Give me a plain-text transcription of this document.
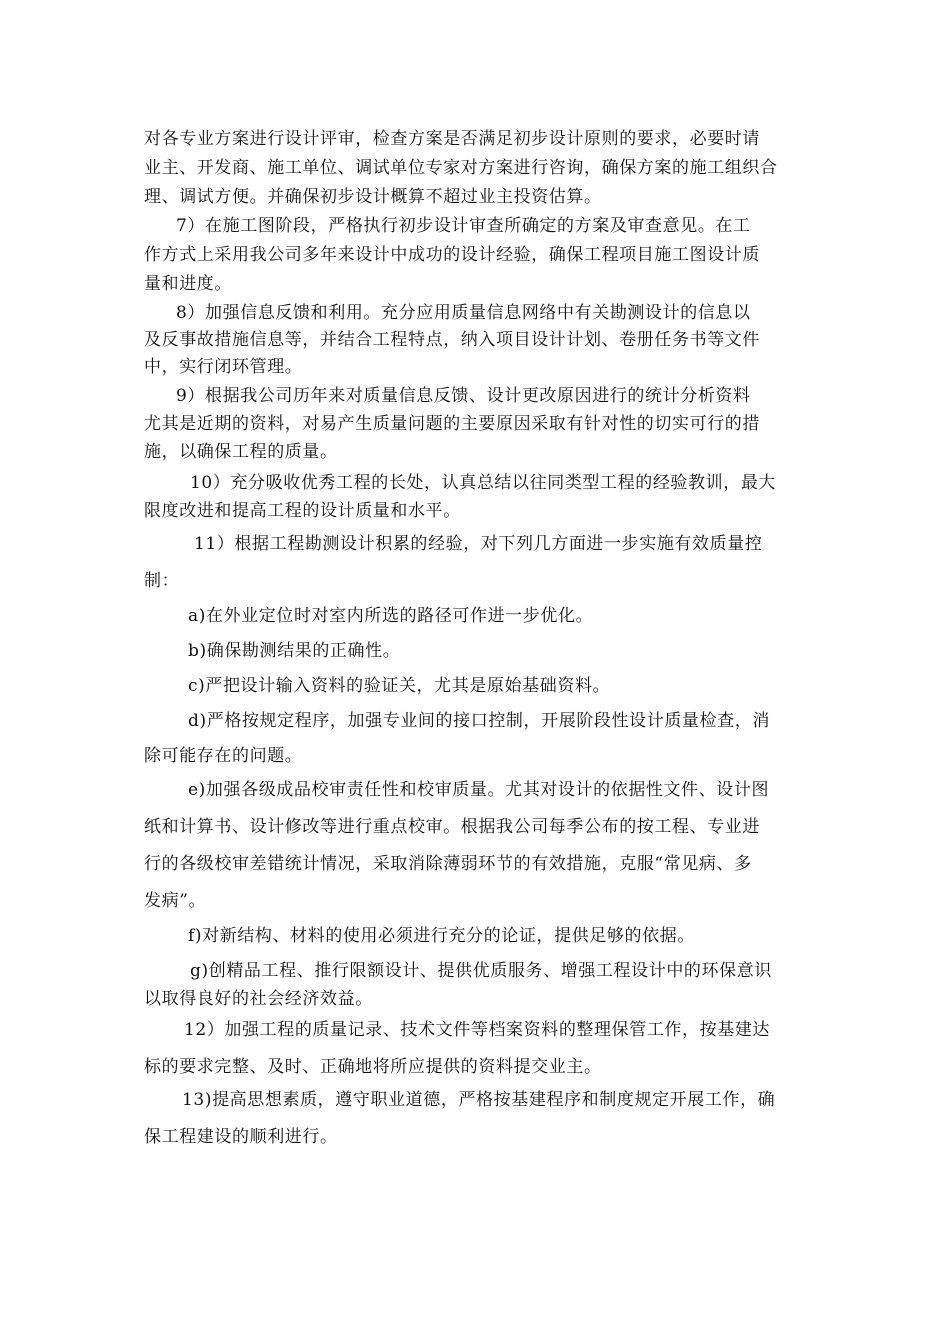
对各专业方案进行设计评审，检查方案是否满足初步设计原则的要求，必要时请
业主、开发商、施工单位、调试单位专家对方案进行咨询，确保方案的施工组织合
理、调试方便。并确保初步设计概算不超过业主投资估算。
7）在施工图阶段，严格执行初步设计审查所确定的方案及审查意见。在工
作方式上采用我公司多年来设计中成功的设计经验，确保工程项目施工图设计质
量和进度。
8）加强信息反馈和利用。充分应用质量信息网络中有关勘测设计的信息以
及反事故措施信息等，并结合工程特点，纳入项目设计计划、卷册任务书等文件
中，实行闭环管理。
9）根据我公司历年来对质量信息反馈、设计更改原因进行的统计分析资料
尤其是近期的资料，对易产生质量问题的主要原因采取有针对性的切实可行的措
施，以确保工程的质量。
10）充分吸收优秀工程的长处，认真总结以往同类型工程的经验教训，最大
限度改进和提高工程的设计质量和水平。
11）根据工程勘测设计积累的经验，对下列几方面进一步实施有效质量控
制：
a)在外业定位时对室内所选的路径可作进一步优化。
b)确保勘测结果的正确性。
c)严把设计输入资料的验证关，尤其是原始基础资料。
d)严格按规定程序，加强专业间的接口控制，开展阶段性设计质量检查，消
除可能存在的问题。
e)加强各级成品校审责任性和校审质量。尤其对设计的依据性文件、设计图
纸和计算书、设计修改等进行重点校审。根据我公司每季公布的按工程、专业进
行的各级校审差错统计情况，采取消除薄弱环节的有效措施，克服“常见病、多
发病”。
f)对新结构、材料的使用必须进行充分的论证，提供足够的依据。
g)创精品工程、推行限额设计、提供优质服务、增强工程设计中的环保意识
以取得良好的社会经济效益。
12）加强工程的质量记录、技术文件等档案资料的整理保管工作，按基建达
标的要求完整、及时、正确地将所应提供的资料提交业主。
13)提高思想素质，遵守职业道德，严格按基建程序和制度规定开展工作，确
保工程建设的顺利进行。
